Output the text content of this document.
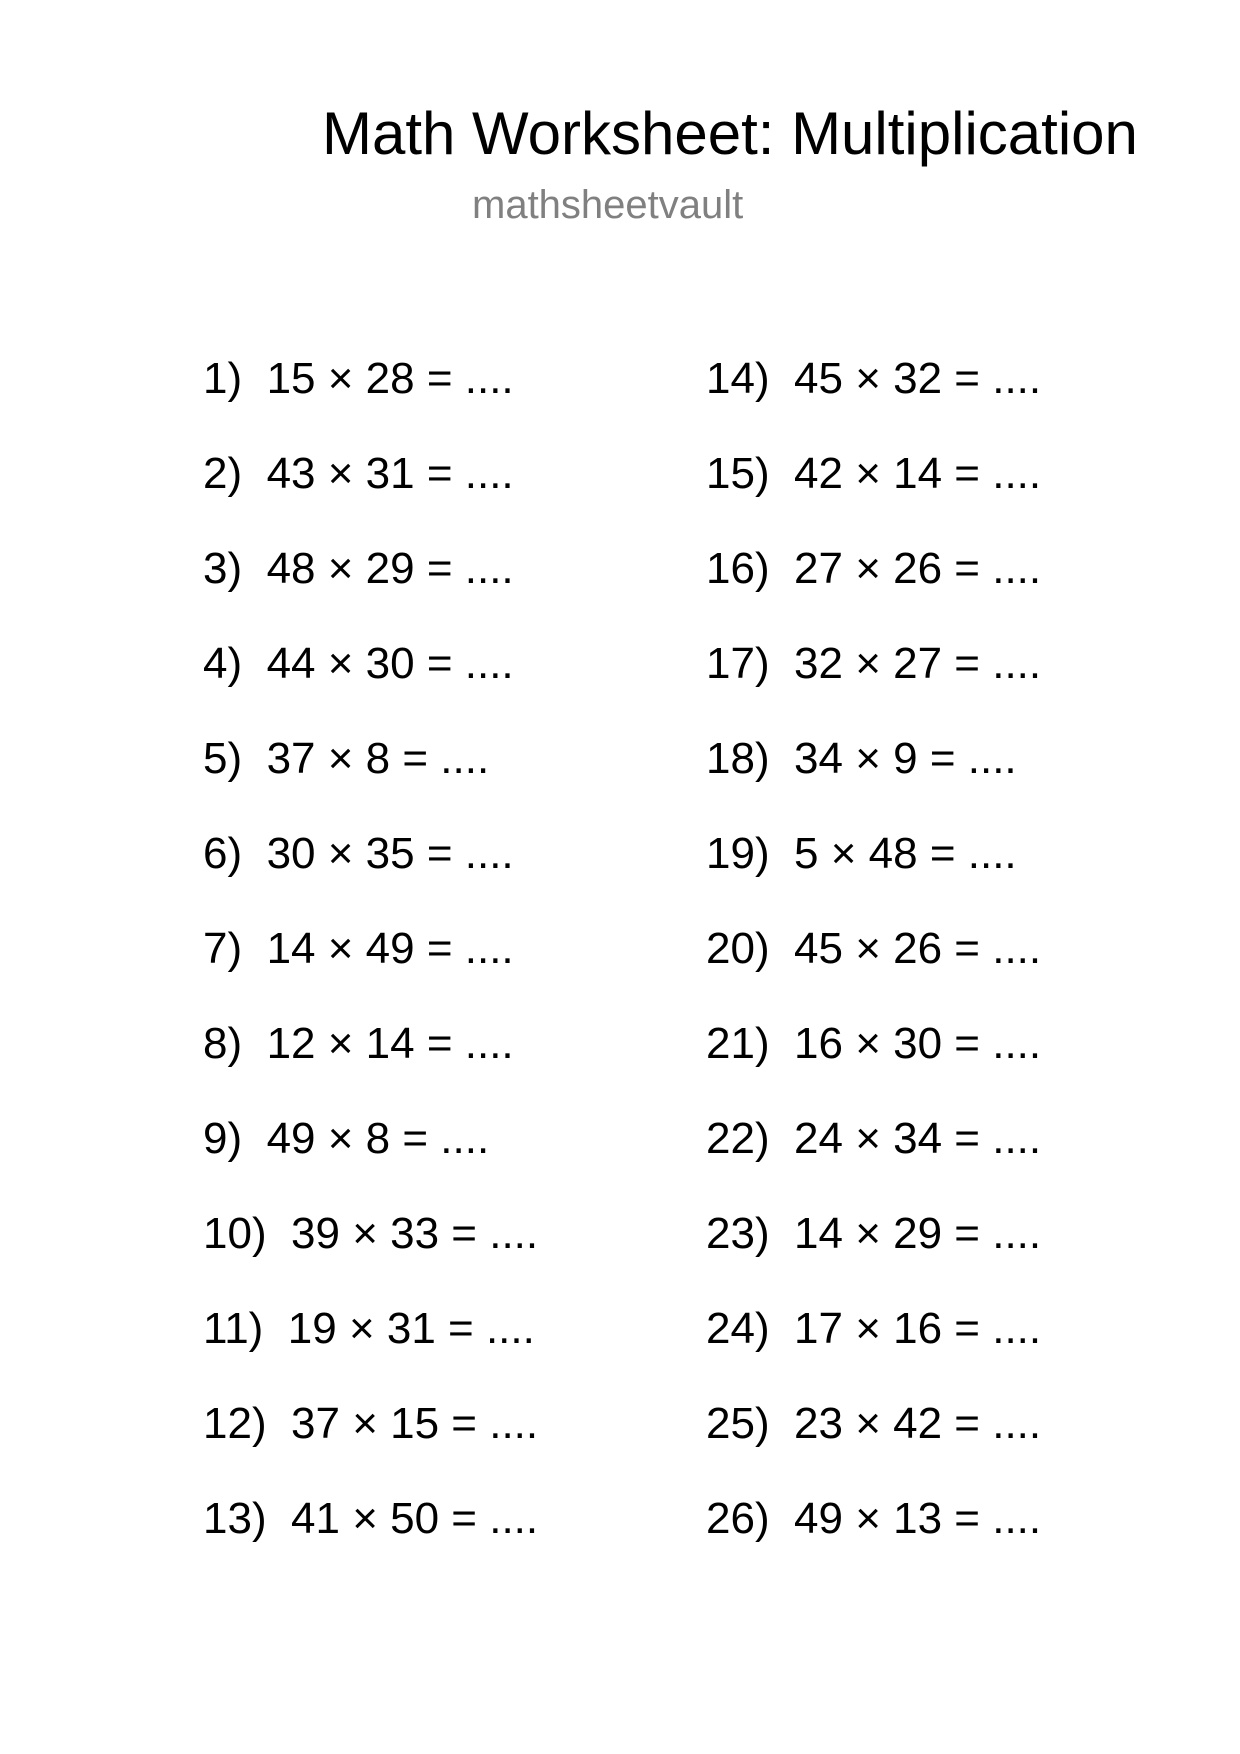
Math Worksheet: Multiplication
mathsheetvault
1)  15 × 28 = ....
2)  43 × 31 = ....
3)  48 × 29 = ....
4)  44 × 30 = ....
5)  37 × 8 = ....
6)  30 × 35 = ....
7)  14 × 49 = ....
8)  12 × 14 = ....
9)  49 × 8 = ....
10)  39 × 33 = ....
11)  19 × 31 = ....
12)  37 × 15 = ....
13)  41 × 50 = ....
14)  45 × 32 = ....
15)  42 × 14 = ....
16)  27 × 26 = ....
17)  32 × 27 = ....
18)  34 × 9 = ....
19)  5 × 48 = ....
20)  45 × 26 = ....
21)  16 × 30 = ....
22)  24 × 34 = ....
23)  14 × 29 = ....
24)  17 × 16 = ....
25)  23 × 42 = ....
26)  49 × 13 = ....
